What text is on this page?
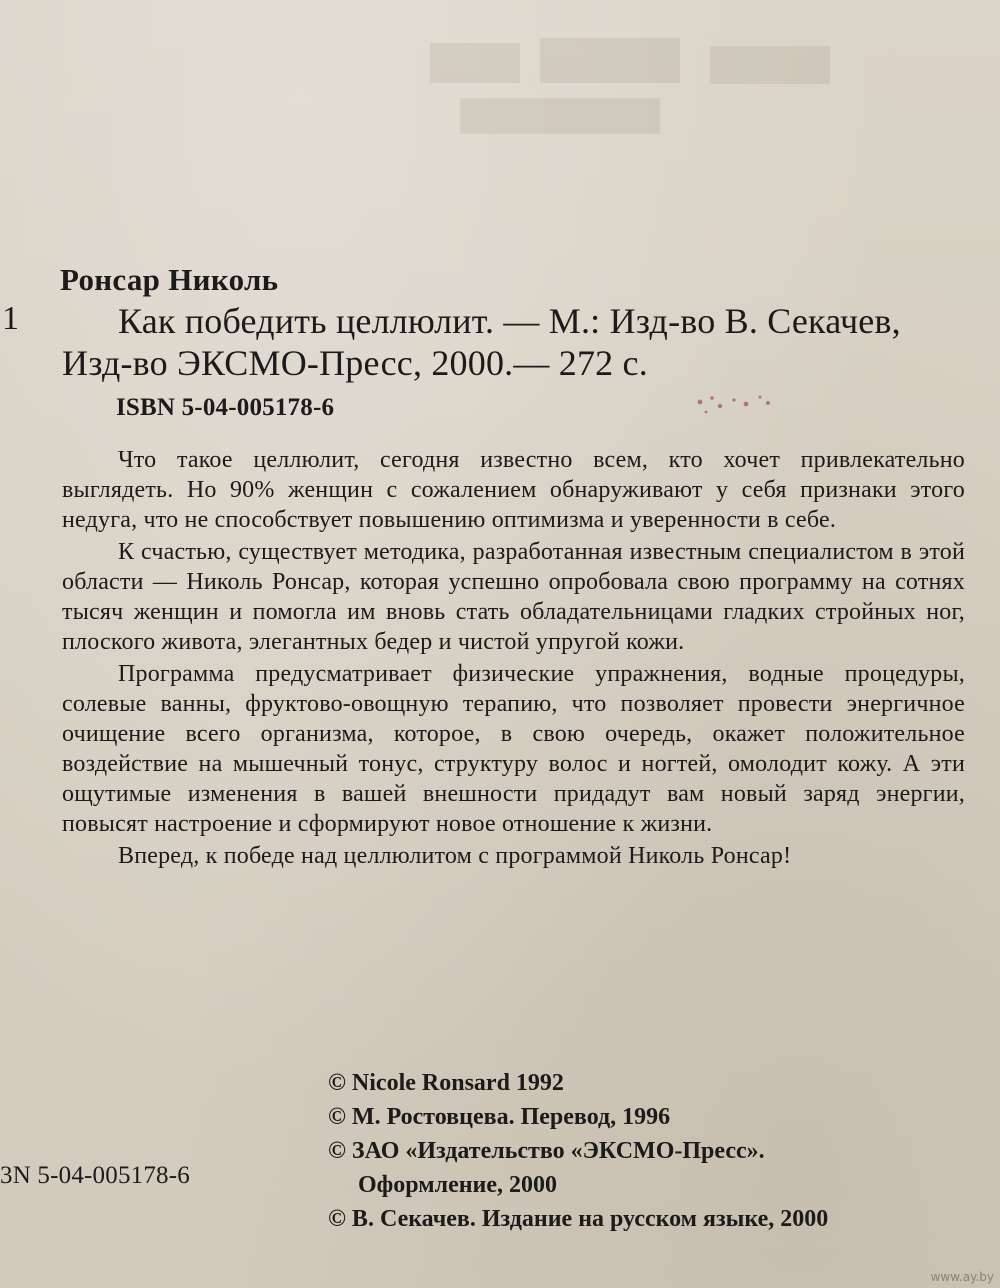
Ронсар Николь
1	Как победить целлюлит. — М.: Изд-во В. Секачев,
Изд-во ЭКСМО-Пресс, 2000.— 272 с.
ISBN 5-04-005178-6

Что такое целлюлит, сегодня известно всем, кто хочет привлекательно выглядеть. Но 90% женщин с сожалением обнаруживают у себя признаки этого недуга, что не способствует повышению оптимизма и уверенности в себе.

К счастью, существует методика, разработанная известным специалистом в этой области — Николь Ронсар, которая успешно опробовала свою программу на сотнях тысяч женщин и помогла им вновь стать обладательницами гладких стройных ног, плоского живота, элегантных бедер и чистой упругой кожи.

Программа предусматривает физические упражнения, водные процедуры, солевые ванны, фруктово-овощную терапию, что позволяет провести энергичное очищение всего организма, которое, в свою очередь, окажет положительное воздействие на мышечный тонус, структуру волос и ногтей, омолодит кожу. А эти ощутимые изменения в вашей внешности придадут вам новый заряд энергии, повысят настроение и сформируют новое отношение к жизни.

Вперед, к победе над целлюлитом с программой Николь Ронсар!

© Nicole Ronsard 1992
© М. Ростовцева. Перевод, 1996
© ЗАО «Издательство «ЭКСМО-Пресс».
Оформление, 2000
© В. Секачев. Издание на русском языке, 2000
3N 5-04-005178-6
www.ay.by
